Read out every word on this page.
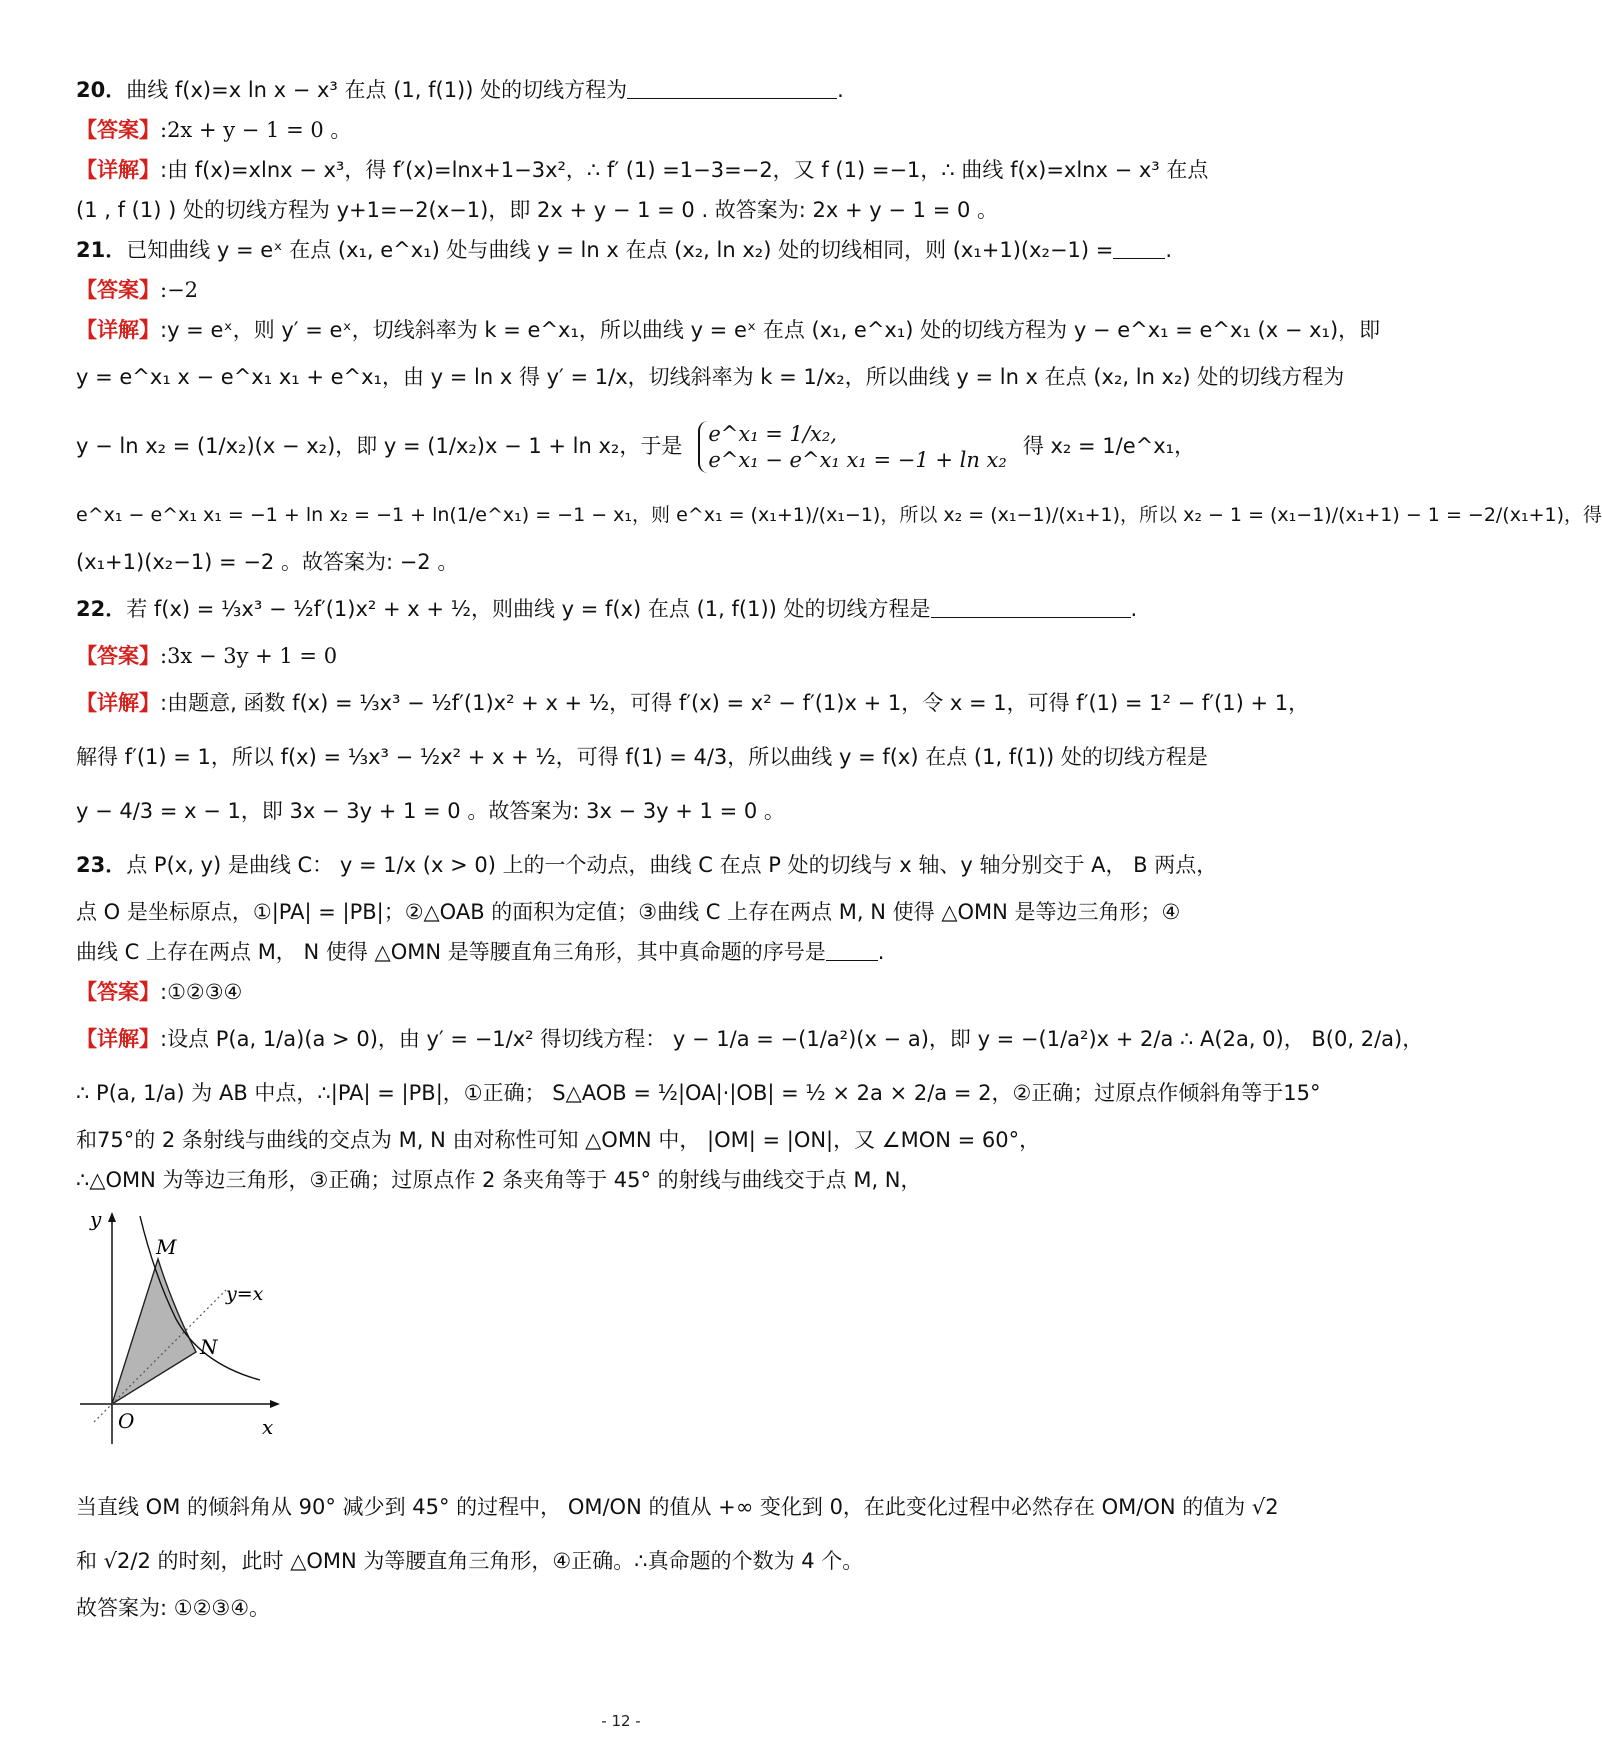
20．曲线 f(x)=x ln x − x³ 在点 (1, f(1)) 处的切线方程为	.
【答案】:2x + y − 1 = 0 。
【详解】:由 f(x)=xlnx − x³，得 f′(x)=lnx+1−3x²，∴ f′ (1) =1−3=−2，又 f (1) =−1，∴ 曲线 f(x)=xlnx − x³ 在点
(1 , f (1) ) 处的切线方程为 y+1=−2(x−1)，即 2x + y − 1 = 0 . 故答案为: 2x + y − 1 = 0 。
21．已知曲线 y = eˣ 在点 (x₁, e^x₁) 处与曲线 y = ln x 在点 (x₂, ln x₂) 处的切线相同，则 (x₁+1)(x₂−1) = .
【答案】:−2
【详解】:y = eˣ，则 y′ = eˣ，切线斜率为 k = e^x₁，所以曲线 y = eˣ 在点 (x₁, e^x₁) 处的切线方程为 y − e^x₁ = e^x₁ (x − x₁)，即
y = e^x₁ x − e^x₁ x₁ + e^x₁，由 y = ln x 得 y′ = 1/x，切线斜率为 k = 1/x₂，所以曲线 y = ln x 在点 (x₂, ln x₂) 处的切线方程为
y − ln x₂ = (1/x₂)(x − x₂)，即 y = (1/x₂)x − 1 + ln x₂，于是 e^x₁ = 1/x₂,
e^x₁ − e^x₁ x₁ = −1 + ln x₂得 x₂ = 1/e^x₁，
e^x₁ − e^x₁ x₁ = −1 + ln x₂ = −1 + ln(1/e^x₁) = −1 − x₁，则 e^x₁ = (x₁+1)/(x₁−1)，所以 x₂ = (x₁−1)/(x₁+1)，所以 x₂ − 1 = (x₁−1)/(x₁+1) − 1 = −2/(x₁+1)，得
(x₁+1)(x₂−1) = −2 。故答案为: −2 。
22．若 f(x) = ⅓x³ − ½f′(1)x² + x + ½，则曲线 y = f(x) 在点 (1, f(1)) 处的切线方程是	.
【答案】:3x − 3y + 1 = 0
【详解】:由题意, 函数 f(x) = ⅓x³ − ½f′(1)x² + x + ½，可得 f′(x) = x² − f′(1)x + 1，令 x = 1，可得 f′(1) = 1² − f′(1) + 1，
解得 f′(1) = 1，所以 f(x) = ⅓x³ − ½x² + x + ½，可得 f(1) = 4/3，所以曲线 y = f(x) 在点 (1, f(1)) 处的切线方程是
y − 4/3 = x − 1，即 3x − 3y + 1 = 0 。故答案为: 3x − 3y + 1 = 0 。
23．点 P(x, y) 是曲线 C： y = 1/x (x > 0) 上的一个动点，曲线 C 在点 P 处的切线与 x 轴、y 轴分别交于 A， B 两点，
点 O 是坐标原点，①|PA| = |PB|；②△OAB 的面积为定值；③曲线 C 上存在两点 M, N 使得 △OMN 是等边三角形；④
曲线 C 上存在两点 M， N 使得 △OMN 是等腰直角三角形，其中真命题的序号是 .
【答案】:①②③④
【详解】:设点 P(a, 1/a)(a > 0)，由 y′ = −1/x² 得切线方程： y − 1/a = −(1/a²)(x − a)，即 y = −(1/a²)x + 2/a ∴ A(2a, 0)， B(0, 2/a)，
∴ P(a, 1/a) 为 AB 中点，∴|PA| = |PB|，①正确； S△AOB = ½|OA|·|OB| = ½ × 2a × 2/a = 2，②正确；过原点作倾斜角等于15°
和75°的 2 条射线与曲线的交点为 M, N 由对称性可知 △OMN 中， |OM| = |ON|，又 ∠MON = 60°，
∴△OMN 为等边三角形，③正确；过原点作 2 条夹角等于 45° 的射线与曲线交于点 M, N，
y
x
O
M
N
y=x
当直线 OM 的倾斜角从 90° 减少到 45° 的过程中， OM/ON 的值从 +∞ 变化到 0，在此变化过程中必然存在 OM/ON 的值为 √2
和 √2/2 的时刻，此时 △OMN 为等腰直角三角形，④正确。∴真命题的个数为 4 个。
故答案为: ①②③④。
- 12 -
